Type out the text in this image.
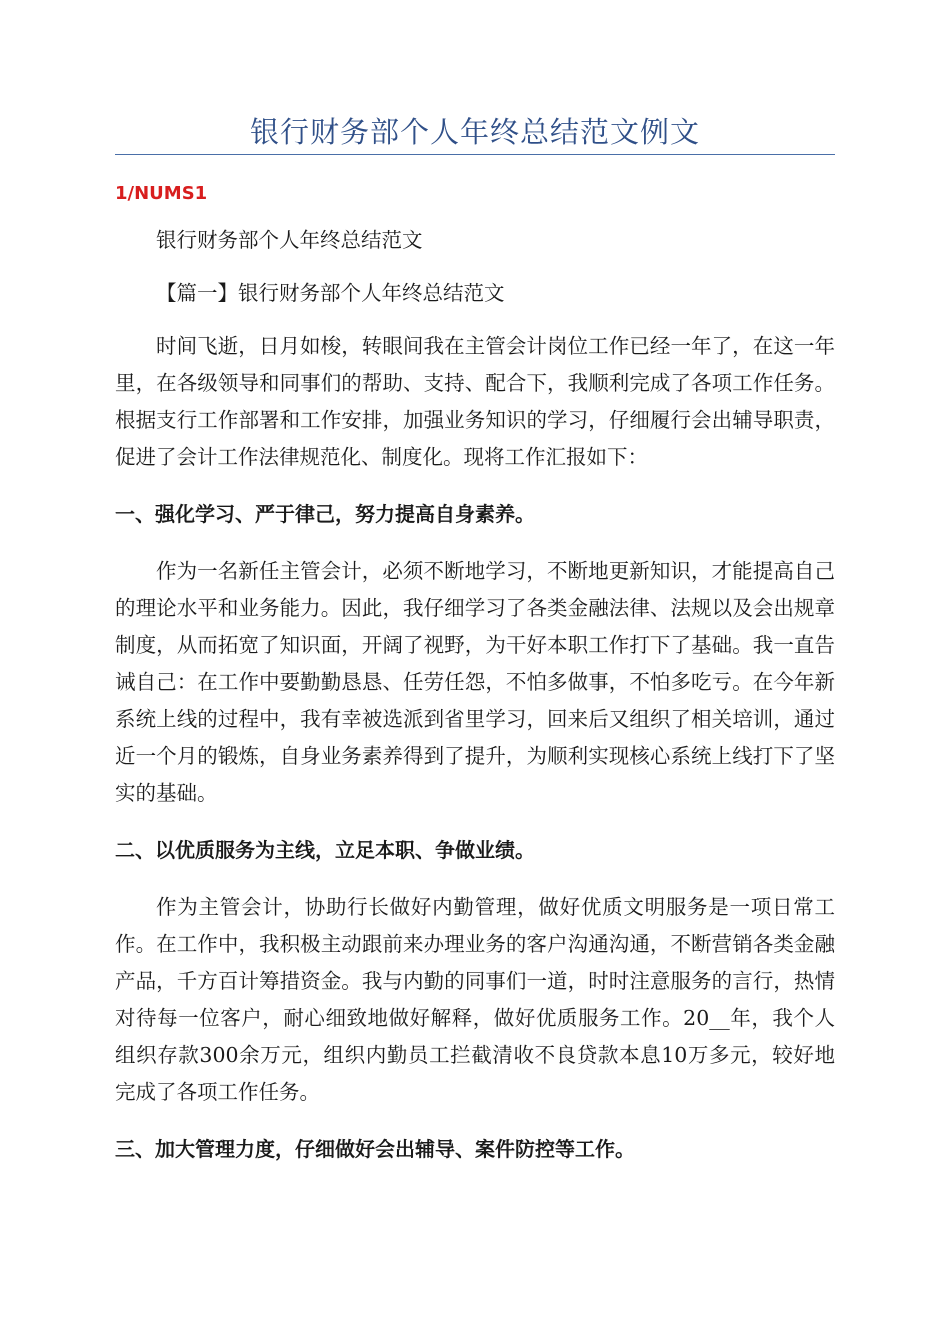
银行财务部个人年终总结范文例文
1/NUMS1

银行财务部个人年终总结范文

【篇一】银行财务部个人年终总结范文

时间飞逝，日月如梭，转眼间我在主管会计岗位工作已经一年了，在这一年里，在各级领导和同事们的帮助、支持、配合下，我顺利完成了各项工作任务。根据支行工作部署和工作安排，加强业务知识的学习，仔细履行会出辅导职责，促进了会计工作法律规范化、制度化。现将工作汇报如下：

一、强化学习、严于律己，努力提高自身素养。

作为一名新任主管会计，必须不断地学习，不断地更新知识，才能提高自己的理论水平和业务能力。因此，我仔细学习了各类金融法律、法规以及会出规章制度，从而拓宽了知识面，开阔了视野，为干好本职工作打下了基础。我一直告诫自己：在工作中要勤勤恳恳、任劳任怨，不怕多做事，不怕多吃亏。在今年新系统上线的过程中，我有幸被选派到省里学习，回来后又组织了相关培训，通过近一个月的锻炼，自身业务素养得到了提升，为顺利实现核心系统上线打下了坚实的基础。

二、以优质服务为主线，立足本职、争做业绩。

作为主管会计，协助行长做好内勤管理，做好优质文明服务是一项日常工作。在工作中，我积极主动跟前来办理业务的客户沟通沟通，不断营销各类金融产品，千方百计筹措资金。我与内勤的同事们一道，时时注意服务的言行，热情对待每一位客户，耐心细致地做好解释，做好优质服务工作。20__年，我个人组织存款300余万元，组织内勤员工拦截清收不良贷款本息10万多元，较好地完成了各项工作任务。

三、加大管理力度，仔细做好会出辅导、案件防控等工作。
